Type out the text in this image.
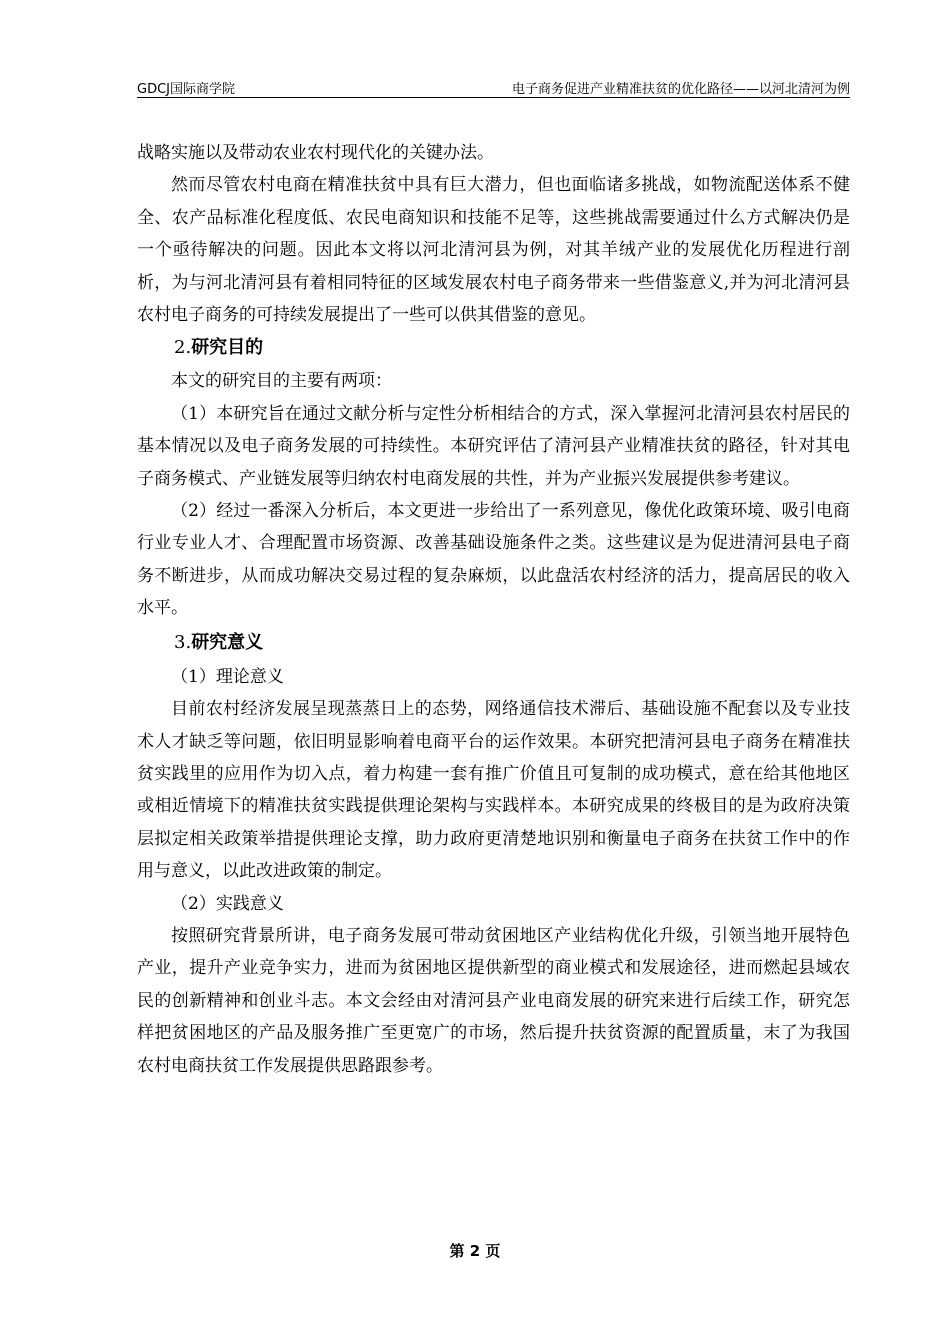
GDCJ国际商学院	电子商务促进产业精准扶贫的优化路径——以河北清河为例

战略实施以及带动农业农村现代化的关键办法。

然而尽管农村电商在精准扶贫中具有巨大潜力，但也面临诸多挑战，如物流配送体系不健全、农产品标准化程度低、农民电商知识和技能不足等，这些挑战需要通过什么方式解决仍是一个亟待解决的问题。因此本文将以河北清河县为例，对其羊绒产业的发展优化历程进行剖析，为与河北清河县有着相同特征的区域发展农村电子商务带来一些借鉴意义,并为河北清河县农村电子商务的可持续发展提出了一些可以供其借鉴的意见。

2.研究目的

本文的研究目的主要有两项：

（1）本研究旨在通过文献分析与定性分析相结合的方式，深入掌握河北清河县农村居民的基本情况以及电子商务发展的可持续性。本研究评估了清河县产业精准扶贫的路径，针对其电子商务模式、产业链发展等归纳农村电商发展的共性，并为产业振兴发展提供参考建议。

（2）经过一番深入分析后，本文更进一步给出了一系列意见，像优化政策环境、吸引电商行业专业人才、合理配置市场资源、改善基础设施条件之类。这些建议是为促进清河县电子商务不断进步，从而成功解决交易过程的复杂麻烦，以此盘活农村经济的活力，提高居民的收入水平。

3.研究意义

（1）理论意义

目前农村经济发展呈现蒸蒸日上的态势，网络通信技术滞后、基础设施不配套以及专业技术人才缺乏等问题，依旧明显影响着电商平台的运作效果。本研究把清河县电子商务在精准扶贫实践里的应用作为切入点，着力构建一套有推广价值且可复制的成功模式，意在给其他地区或相近情境下的精准扶贫实践提供理论架构与实践样本。本研究成果的终极目的是为政府决策层拟定相关政策举措提供理论支撑，助力政府更清楚地识别和衡量电子商务在扶贫工作中的作用与意义，以此改进政策的制定。

（2）实践意义

按照研究背景所讲，电子商务发展可带动贫困地区产业结构优化升级，引领当地开展特色产业，提升产业竞争实力，进而为贫困地区提供新型的商业模式和发展途径，进而燃起县域农民的创新精神和创业斗志。本文会经由对清河县产业电商发展的研究来进行后续工作，研究怎样把贫困地区的产品及服务推广至更宽广的市场，然后提升扶贫资源的配置质量，末了为我国农村电商扶贫工作发展提供思路跟参考。

第 2 页
